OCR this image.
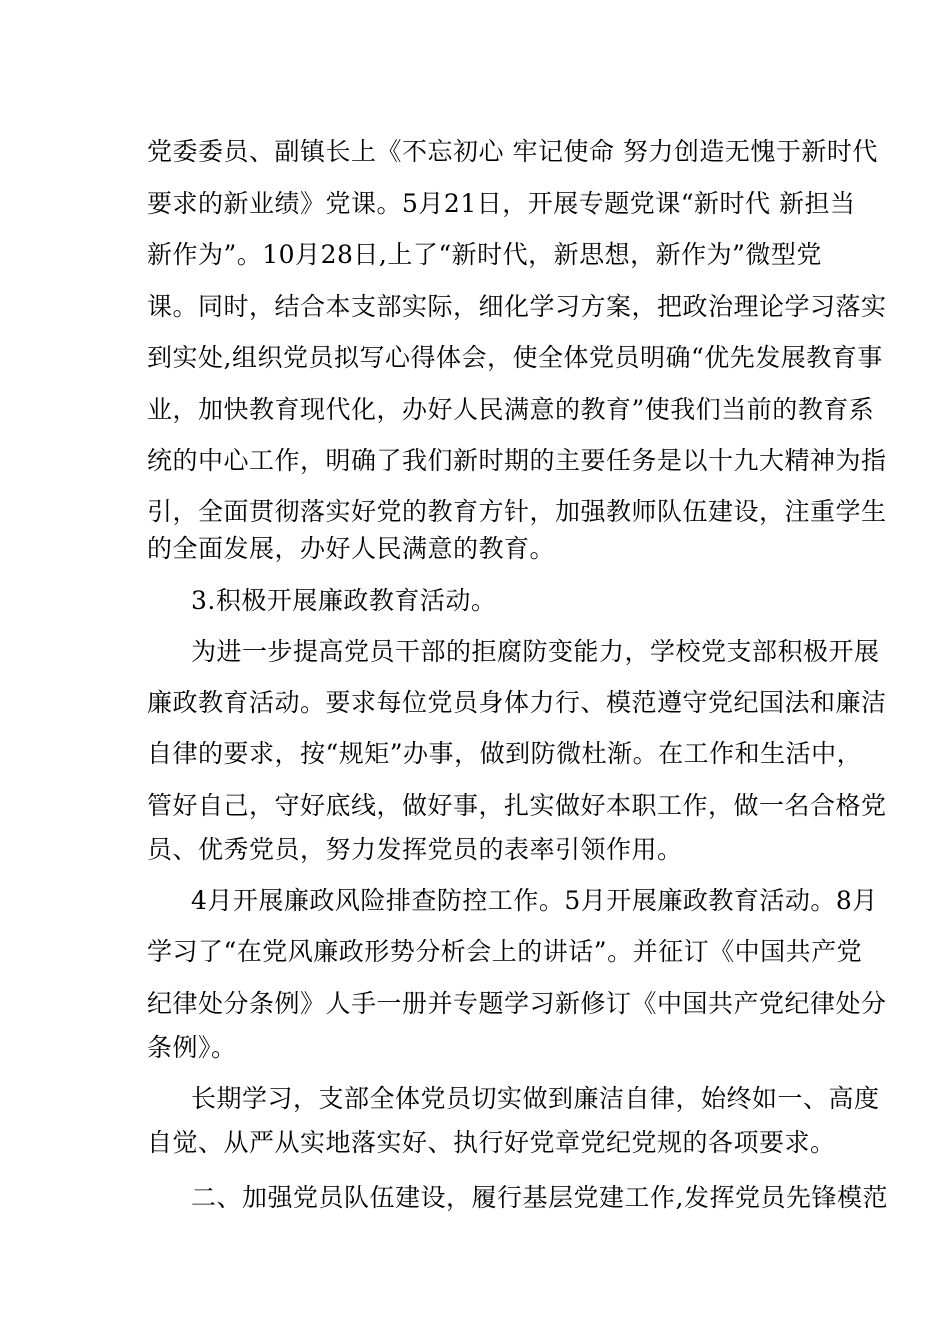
党委委员、副镇长上《不忘初心 牢记使命 努力创造无愧于新时代
要求的新业绩》党课。5月21日，开展专题党课“新时代 新担当
新作为”。10月28日,上了“新时代，新思想，新作为”微型党
课。同时，结合本支部实际，细化学习方案，把政治理论学习落实
到实处,组织党员拟写心得体会，使全体党员明确“优先发展教育事
业，加快教育现代化，办好人民满意的教育”使我们当前的教育系
统的中心工作，明确了我们新时期的主要任务是以十九大精神为指
引，全面贯彻落实好党的教育方针，加强教师队伍建设，注重学生
的全面发展，办好人民满意的教育。
3.积极开展廉政教育活动。
为进一步提高党员干部的拒腐防变能力，学校党支部积极开展
廉政教育活动。要求每位党员身体力行、模范遵守党纪国法和廉洁
自律的要求，按“规矩”办事，做到防微杜渐。在工作和生活中，
管好自己，守好底线，做好事，扎实做好本职工作，做一名合格党
员、优秀党员，努力发挥党员的表率引领作用。
4月开展廉政风险排查防控工作。5月开展廉政教育活动。8月
学习了“在党风廉政形势分析会上的讲话”。并征订《中国共产党
纪律处分条例》人手一册并专题学习新修订《中国共产党纪律处分
条例》。
长期学习，支部全体党员切实做到廉洁自律，始终如一、高度
自觉、从严从实地落实好、执行好党章党纪党规的各项要求。
二、加强党员队伍建设，履行基层党建工作,发挥党员先锋模范
